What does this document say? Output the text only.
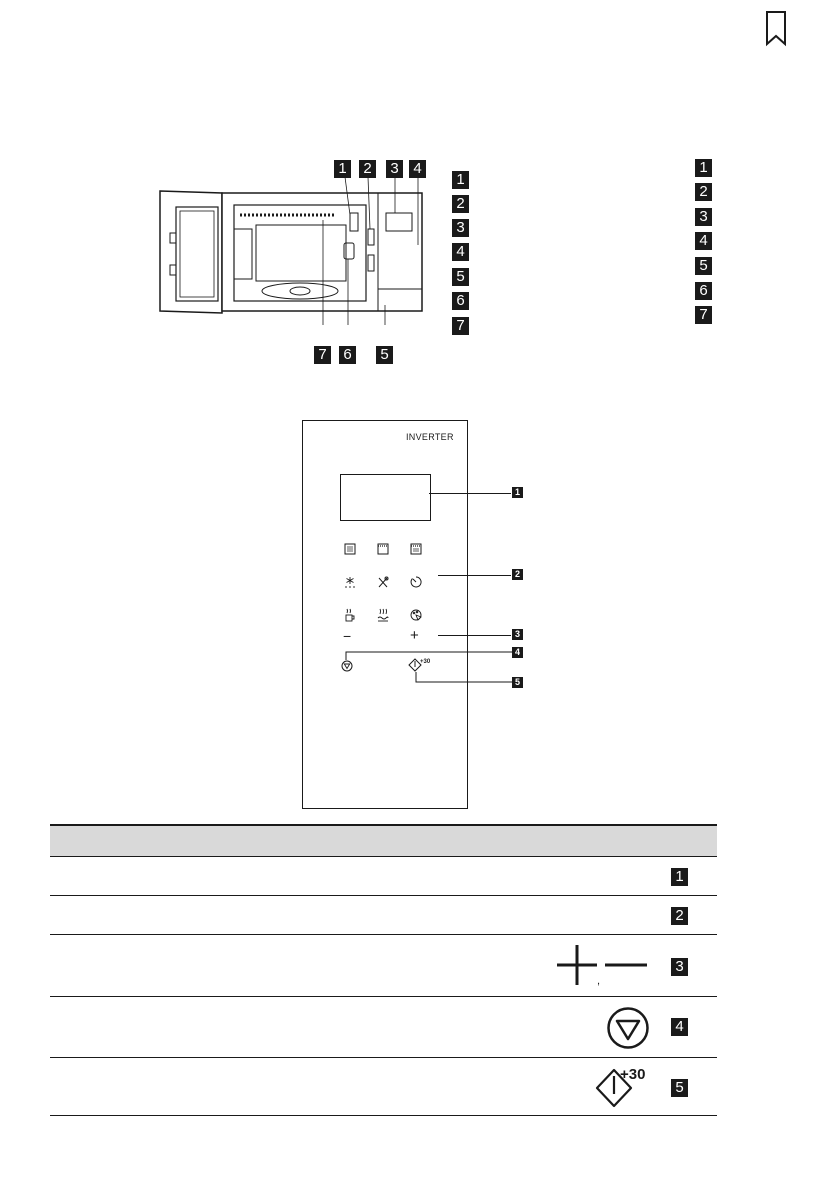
1 2 3 4
7 6 5
1
2
3
4
5
6
7
1
2
3
4
5
6
7
INVERTER
1
−	+	3
2
4
+30
5
1
2
,
3
4
+30
5
